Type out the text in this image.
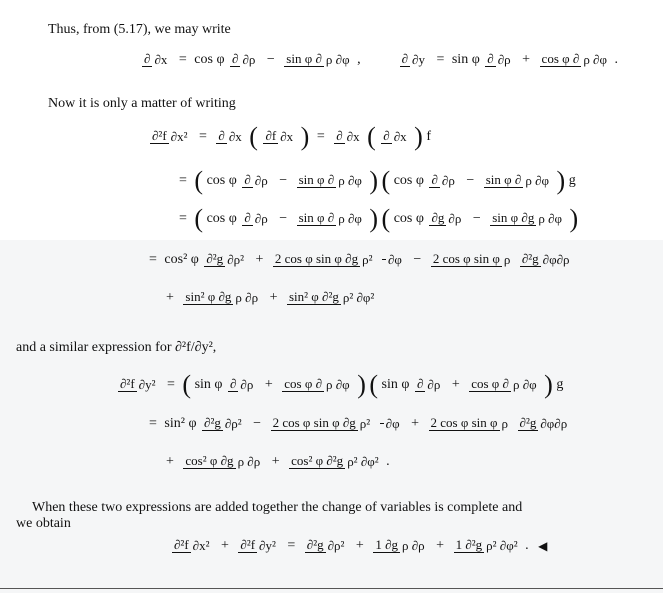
Thus, from (5.17), we may write
∂ ∂x = cos φ ∂ ∂ρ − sin φ ∂ ρ ∂φ ,	∂ ∂y = sin φ ∂ ∂ρ + cos φ ∂ ρ ∂φ .
Now it is only a matter of writing
∂²f ∂x² = ∂ ∂x ( ∂f ∂x ) = ∂ ∂x ( ∂ ∂x ) f
= ( cos φ ∂ ∂ρ − sin φ ∂ ρ ∂φ ) ( cos φ ∂ ∂ρ − sin φ ∂ ρ ∂φ ) g
= ( cos φ ∂ ∂ρ − sin φ ∂ ρ ∂φ ) ( cos φ ∂g ∂ρ − sin φ ∂g ρ ∂φ )
= cos² φ ∂²g ∂ρ² + 2 cos φ sin φ ∂g ρ² ∂φ − 2 cos φ sin φ ρ ∂²g ∂φ∂ρ
+ sin² φ ∂g ρ ∂ρ + sin² φ ∂²g ρ² ∂φ²
and a similar expression for ∂²f/∂y²,
∂²f ∂y² = ( sin φ ∂ ∂ρ + cos φ ∂ ρ ∂φ ) ( sin φ ∂ ∂ρ + cos φ ∂ ρ ∂φ ) g
= sin² φ ∂²g ∂ρ² − 2 cos φ sin φ ∂g ρ² ∂φ + 2 cos φ sin φ ρ ∂²g ∂φ∂ρ
+ cos² φ ∂g ρ ∂ρ + cos² φ ∂²g ρ² ∂φ² .
When these two expressions are added together the change of variables is complete and
we obtain
∂²f ∂x² + ∂²f ∂y² = ∂²g ∂ρ² + 1 ∂g ρ ∂ρ + 1 ∂²g ρ² ∂φ² . ◀
